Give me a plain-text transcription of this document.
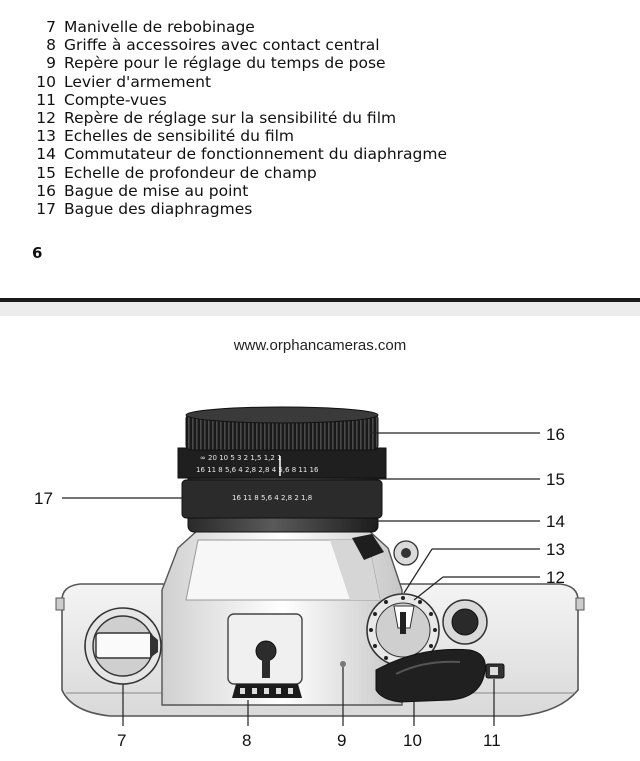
7 Manivelle de rebobinage
8 Griffe à accessoires avec contact central
9 Repère pour le réglage du temps de pose
10 Levier d'armement
11 Compte-vues
12 Repère de réglage sur la sensibilité du film
13 Echelles de sensibilité du film
14 Commutateur de fonctionnement du diaphragme
15 Echelle de profondeur de champ
16 Bague de mise au point
17 Bague des diaphragmes
6
www.orphancameras.com
16 11 8 5,6 4 2,8 2 1,8
∞ 20 10 5 3 2 1,5 1,2 1
16 11 8 5,6 4 2,8 2,8 4 5,6 8 11 16
16
15
17
14
13
12
7	8	9	10	11
